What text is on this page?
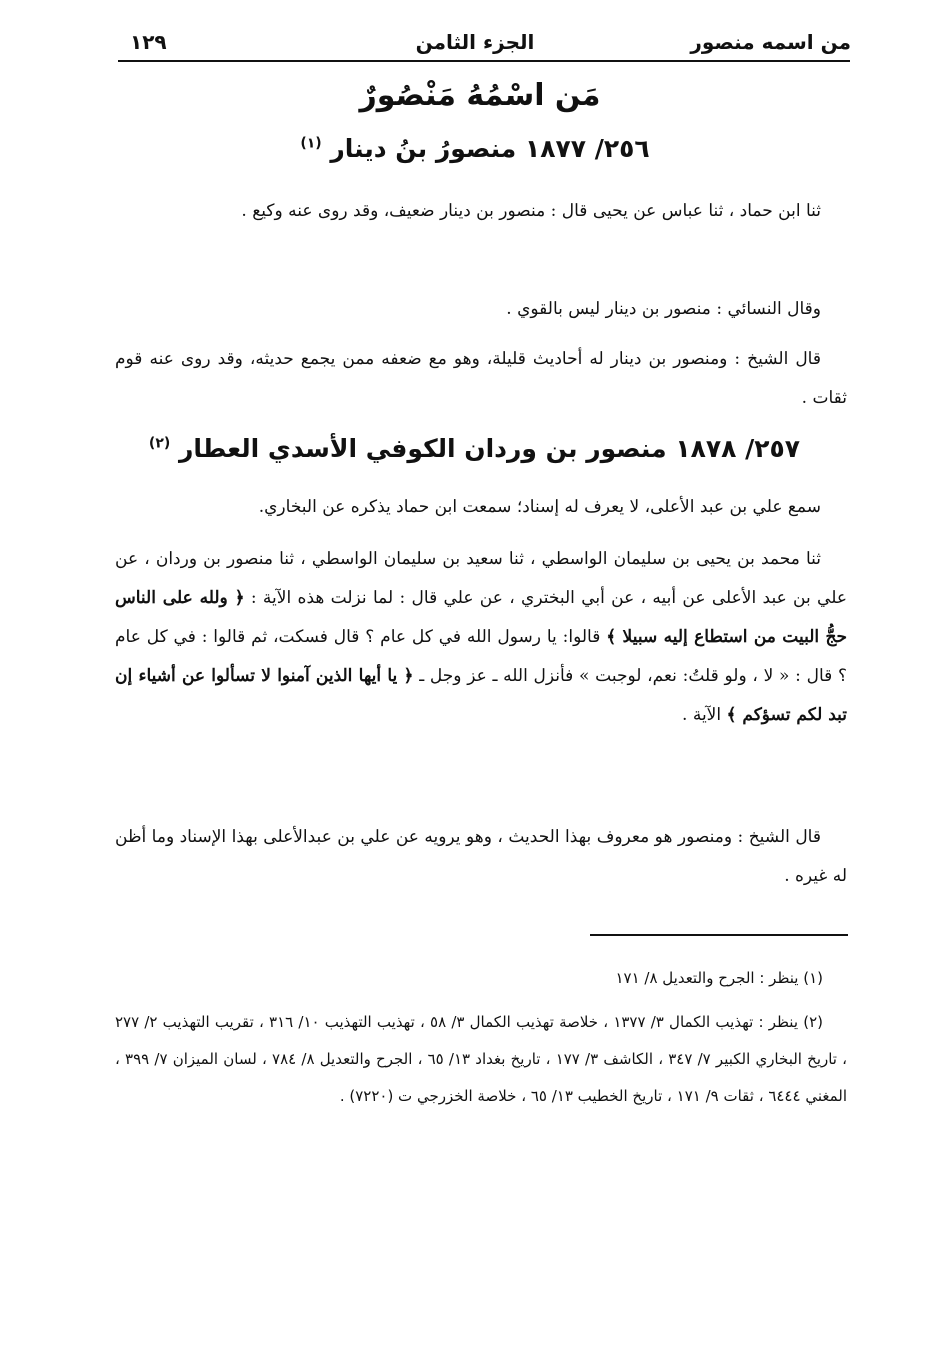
١٢٩	الجزء الثامن	من اسمه منصور
مَن اسْمُهُ مَنْصُورٌ
٢٥٦/ ١٨٧٧ منصورُ بنُ دينار $^{(١)}$

ثنا ابن حماد ، ثنا عباس عن يحيى قال : منصور بن دينار ضعيف، وقد روى عنه وكيع .

وقال النسائي : منصور بن دينار ليس بالقوي .

قال الشيخ : ومنصور بن دينار له أحاديث قليلة، وهو مع ضعفه ممن يجمع حديثه، وقد روى عنه قوم ثقات .

٢٥٧/ ١٨٧٨ منصور بن وردان الكوفي الأسدي العطار $^{(٢)}$

سمع علي بن عبد الأعلى، لا يعرف له إسناد؛ سمعت ابن حماد يذكره عن البخاري.

ثنا محمد بن يحيى بن سليمان الواسطي ، ثنا سعيد بن سليمان الواسطي ، ثنا منصور بن وردان ، عن علي بن عبد الأعلى عن أبيه ، عن أبي البختري ، عن علي قال : لما نزلت هذه الآية : ﴿ ولله على الناس حجُّ البيت من استطاع إليه سبيلا ﴾ قالوا: يا رسول الله في كل عام ؟ قال فسكت، ثم قالوا : في كل عام ؟ قال : « لا ، ولو قلتُ: نعم، لوجبت » فأنزل الله ـ عز وجل ـ ﴿ يا أيها الذين آمنوا لا تسألوا عن أشياء إن تبد لكم تسؤكم ﴾ الآية .

قال الشيخ : ومنصور هو معروف بهذا الحديث ، وهو يرويه عن علي بن عبدالأعلى بهذا الإسناد وما أظن له غيره .

(١) ينظر : الجرح والتعديل ٨/ ١٧١

(٢) ينظر : تهذيب الكمال ٣/ ١٣٧٧ ، خلاصة تهذيب الكمال ٣/ ٥٨ ، تهذيب التهذيب ١٠/ ٣١٦ ، تقريب التهذيب ٢/ ٢٧٧ ، تاريخ البخاري الكبير ٧/ ٣٤٧ ، الكاشف ٣/ ١٧٧ ، تاريخ بغداد ١٣/ ٦٥ ، الجرح والتعديل ٨/ ٧٨٤ ، لسان الميزان ٧/ ٣٩٩ ، المغني ٦٤٤٤ ، ثقات ٩/ ١٧١ ، تاريخ الخطيب ١٣/ ٦٥ ، خلاصة الخزرجي ت (٧٢٢٠) .
